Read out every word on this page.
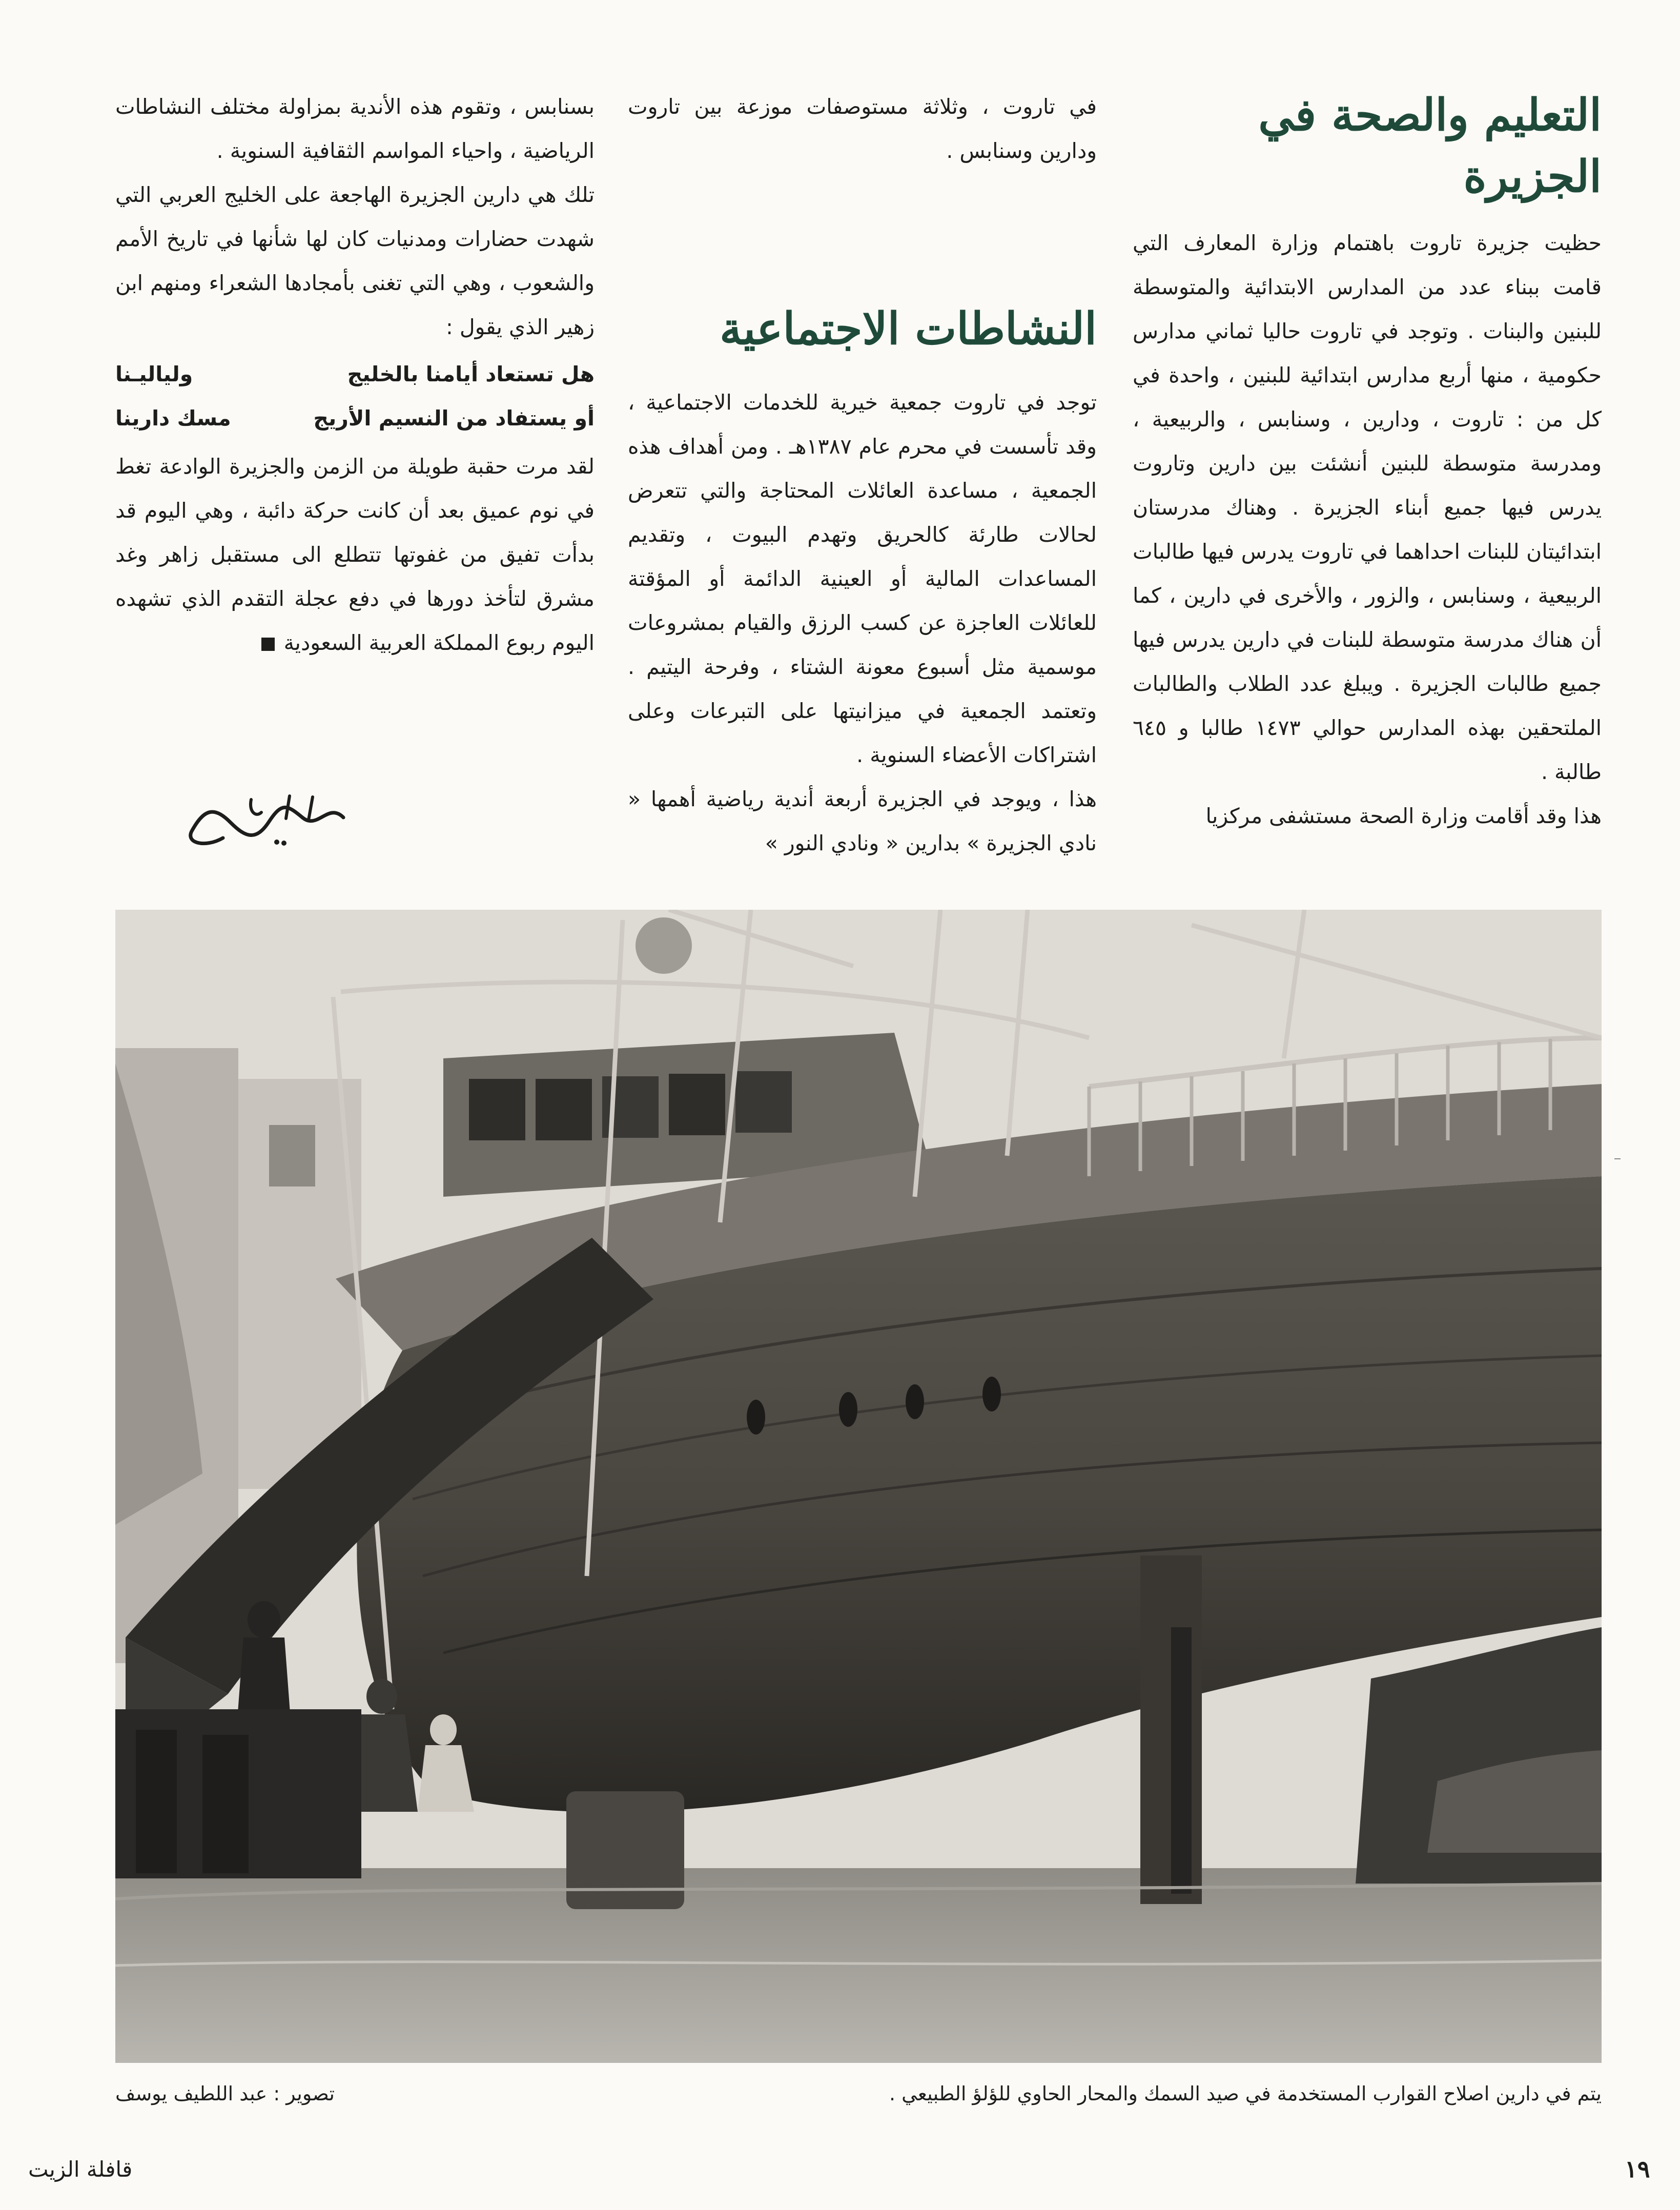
التعليم والصحة في الجزيرة

حظيت جزيرة تاروت باهتمام وزارة المعارف التي قامت ببناء عدد من المدارس الابتدائية والمتوسطة للبنين والبنات . وتوجد في تاروت حاليا ثماني مدارس حكومية ، منها أربع مدارس ابتدائية للبنين ، واحدة في كل من : تاروت ، ودارين ، وسنابس ، والربيعية ، ومدرسة متوسطة للبنين أنشئت بين دارين وتاروت يدرس فيها جميع أبناء الجزيرة . وهناك مدرستان ابتدائيتان للبنات احداهما في تاروت يدرس فيها طالبات الربيعية ، وسنابس ، والزور ، والأخرى في دارين ، كما أن هناك مدرسة متوسطة للبنات في دارين يدرس فيها جميع طالبات الجزيرة . ويبلغ عدد الطلاب والطالبات الملتحقين بهذه المدارس حوالي ١٤٧٣ طالبا و ٦٤٥ طالبة .

هذا وقد أقامت وزارة الصحة مستشفى مركزيا

في تاروت ، وثلاثة مستوصفات موزعة بين تاروت ودارين وسنابس .

النشاطات الاجتماعية

توجد في تاروت جمعية خيرية للخدمات الاجتماعية ، وقد تأسست في محرم عام ١٣٨٧هـ . ومن أهداف هذه الجمعية ، مساعدة العائلات المحتاجة والتي تتعرض لحالات طارئة كالحريق وتهدم البيوت ، وتقديم المساعدات المالية أو العينية الدائمة أو المؤقتة للعائلات العاجزة عن كسب الرزق والقيام بمشروعات موسمية مثل أسبوع معونة الشتاء ، وفرحة اليتيم . وتعتمد الجمعية في ميزانيتها على التبرعات وعلى اشتراكات الأعضاء السنوية .

هذا ، ويوجد في الجزيرة أربعة أندية رياضية أهمها « نادي الجزيرة » بدارين « ونادي النور »

بسنابس ، وتقوم هذه الأندية بمزاولة مختلف النشاطات الرياضية ، واحياء المواسم الثقافية السنوية .

تلك هي دارين الجزيرة الهاجعة على الخليج العربي التي شهدت حضارات ومدنيات كان لها شأنها في تاريخ الأمم والشعوب ، وهي التي تغنى بأمجادها الشعراء ومنهم ابن زهير الذي يقول :

هل تستعاد أيامنا بالخليج
ولياليـنا
أو يستفاد من النسيم الأريج
مسك دارينا

لقد مرت حقبة طويلة من الزمن والجزيرة الوادعة تغط في نوم عميق بعد أن كانت حركة دائبة ، وهي اليوم قد بدأت تفيق من غفوتها تتطلع الى مستقبل زاهر وغد مشرق لتأخذ دورها في دفع عجلة التقدم الذي تشهده اليوم ربوع المملكة العربية السعودية

يتم في دارين اصلاح القوارب المستخدمة في صيد السمك والمحار الحاوي للؤلؤ الطبيعي .
تصوير : عبد اللطيف يوسف
١٩
قافلة الزيت
